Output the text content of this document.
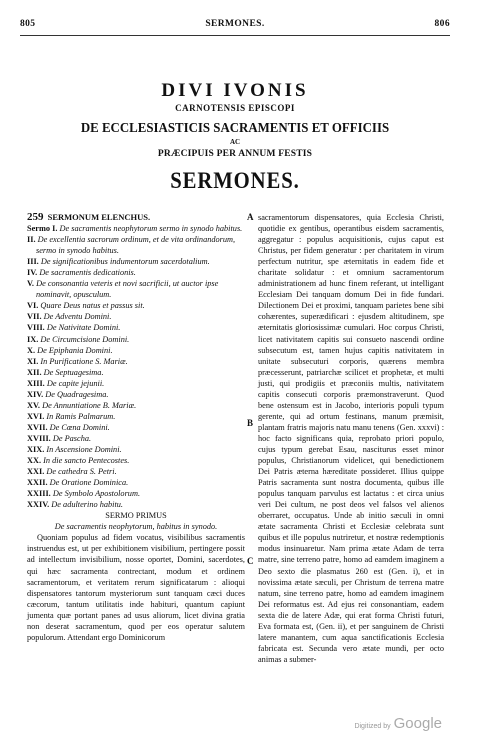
805	SERMONES.	806
DIVI IVONIS
CARNOTENSIS EPISCOPI
DE ECCLESIASTICIS SACRAMENTIS ET OFFICIIS
AC
PRÆCIPUIS PER ANNUM FESTIS
SERMONES.
259 SERMONUM ELENCHUS.
Sermo I. De sacramentis neophytorum sermo in synodo habitus.
II. De excellentia sacrorum ordinum, et de vita ordinandorum, sermo in synodo habitus.
III. De significationibus indumentorum sacerdotalium.
IV. De sacramentis dedicationis.
V. De consonantia veteris et novi sacrificii, ut auctor ipse nominavit, opusculum.
VI. Quare Deus natus et passus sit.
VII. De Adventu Domini.
VIII. De Nativitate Domini.
IX. De Circumcisione Domini.
X. De Epiphania Domini.
XI. In Purificatione S. Mariæ.
XII. De Septuagesima.
XIII. De capite jejunii.
XIV. De Quadragesima.
XV. De Annuntiatione B. Mariæ.
XVI. In Ramis Palmarum.
XVII. De Cœna Domini.
XVIII. De Pascha.
XIX. In Ascensione Domini.
XX. In die sancto Pentecostes.
XXI. De cathedra S. Petri.
XXII. De Oratione Dominica.
XXIII. De Symbolo Apostolorum.
XXIV. De adulterino habitu.
SERMO PRIMUS
De sacramentis neophytorum, habitus in synodo.
Quoniam populus ad fidem vocatus, visibilibus sacramentis instruendus est, ut per exhibitionem visibilium, pertingere possit ad intellectum invisibilium, nosse oportet, Domini, sacerdotes, qui hæc sacramenta contrectant, modum et ordinem sacramentorum, et veritatem rerum significatarum : alioqui dispensatores tantorum mysteriorum sunt tanquam cæci duces cæcorum, tantum utilitatis inde habituri, quantum capiunt jumenta quæ portant panes ad usus aliorum, licet divina gratia non deserat sacramentum, quod per eos operatur salutem populorum. Attendant ergo Dominicorum
A
B
C
sacramentorum dispensatores, quia Ecclesia Christi, quotidie ex gentibus, operantibus eisdem sacramentis, aggregatur : populus acquisitionis, cujus caput est Christus, per fidem generatur : per charitatem in virum perfectum nutritur, spe æternitatis in eadem fide et charitate solidatur : et omnium sacramentorum administrationem ad hunc finem referant, ut intelligant Ecclesiam Dei tanquam domum Dei in fide fundari. Dilectionem Dei et proximi, tanquam parietes bene sibi cohærentes, superædificari : ejusdem altitudinem, spe æternitatis gloriosissimæ cumulari. Hoc corpus Christi, licet nativitatem capitis sui consueto nascendi ordine subsecutum est, tamen hujus capitis nativitatem in unitate subsecuturi corporis, quærens membra præcesserunt, patriarchæ scilicet et prophetæ, et multi justi, qui prodigiis et præconiis multis, nativitatem capitis consecuti corporis præmonstraverunt. Quod bene ostensum est in Jacobo, interioris populi typum gerente, qui ad ortum festinans, manum præmisit, plantam fratris majoris natu manu tenens (Gen. xxxvi) : hoc facto significans quia, reprobato priori populo, cujus typum gerebat Esau, nasciturus esset minor populus, Christianorum videlicet, qui benedictionem Dei Patris æterna hæreditate possideret. Illius quippe Patris sacramenta sunt nostra documenta, quibus ille populus tanquam parvulus est lactatus : et circa unius veri Dei cultum, ne post deos vel falsos vel alienos oberraret, occupatus. Unde ab initio sæculi in omni ætate sacramenta Christi et Ecclesiæ celebrata sunt quibus et ille populus nutriretur, et nostræ redemptionis modus insinuaretur. Nam prima ætate Adam de terra matre, sine terreno patre, homo ad eamdem imaginem a Deo sexto die plasmatus 260 est (Gen. i), et in novissima ætate sæculi, per Christum de terrena matre natum, sine terreno patre, homo ad eamdem imaginem Dei reformatus est. Ad ejus rei consonantiam, eadem sexta die de latere Adæ, qui erat forma Christi futuri, Eva formata est, (Gen. ii), et per sanguinem de Christi latere manantem, cum aqua sanctificationis Ecclesia fabricata est. Secunda vero ætate mundi, per octo animas a submer-
Digitized by Google
